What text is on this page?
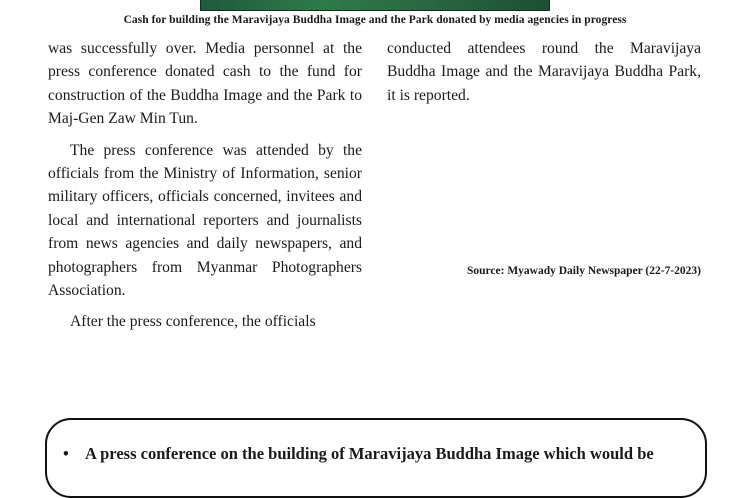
Cash for building the Maravijaya Buddha Image and the Park donated by media agencies in progress

was successfully over. Media personnel at the press conference donated cash to the fund for construction of the Buddha Image and the Park to Maj-Gen Zaw Min Tun.

The press conference was attended by the officials from the Ministry of Information, senior military officers, officials concerned, invitees and local and international reporters and journalists from news agencies and daily newspapers, and photographers from Myanmar Photographers Association.

After the press conference, the officials

conducted attendees round the Maravijaya Buddha Image and the Maravijaya Buddha Park, it is reported.

Source: Myawady Daily Newspaper (22-7-2023)
• A press conference on the building of Maravijaya Buddha Image which would be
